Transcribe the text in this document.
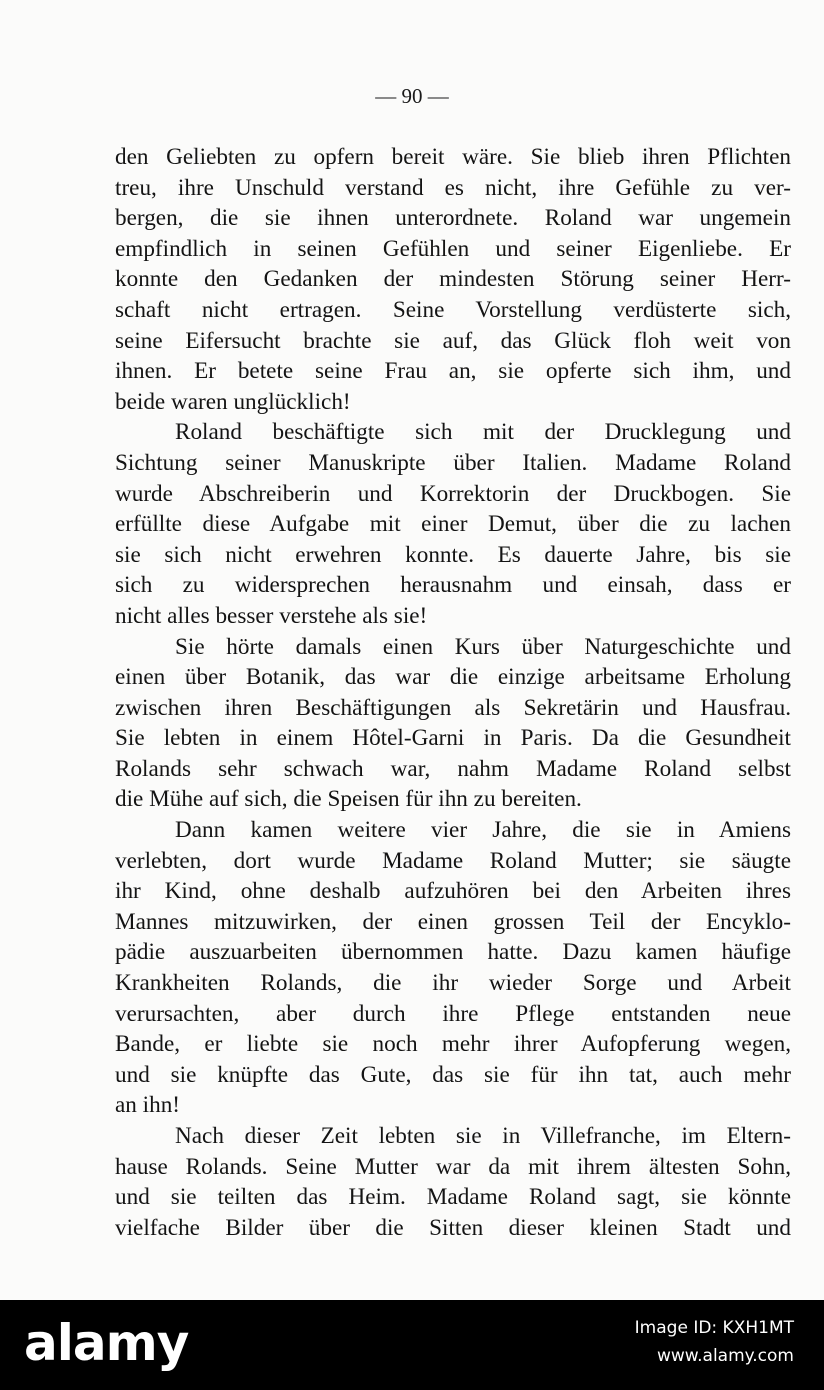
— 90 —
den Geliebten zu opfern bereit wäre. Sie blieb ihren Pflichten
treu, ihre Unschuld verstand es nicht, ihre Gefühle zu ver-
bergen, die sie ihnen unterordnete. Roland war ungemein
empfindlich in seinen Gefühlen und seiner Eigenliebe. Er
konnte den Gedanken der mindesten Störung seiner Herr-
schaft nicht ertragen. Seine Vorstellung verdüsterte sich,
seine Eifersucht brachte sie auf, das Glück floh weit von
ihnen. Er betete seine Frau an, sie opferte sich ihm, und
beide waren unglücklich!
Roland beschäftigte sich mit der Drucklegung und
Sichtung seiner Manuskripte über Italien. Madame Roland
wurde Abschreiberin und Korrektorin der Druckbogen. Sie
erfüllte diese Aufgabe mit einer Demut, über die zu lachen
sie sich nicht erwehren konnte. Es dauerte Jahre, bis sie
sich zu widersprechen herausnahm und einsah, dass er
nicht alles besser verstehe als sie!
Sie hörte damals einen Kurs über Naturgeschichte und
einen über Botanik, das war die einzige arbeitsame Erholung
zwischen ihren Beschäftigungen als Sekretärin und Hausfrau.
Sie lebten in einem Hôtel-Garni in Paris. Da die Gesundheit
Rolands sehr schwach war, nahm Madame Roland selbst
die Mühe auf sich, die Speisen für ihn zu bereiten.
Dann kamen weitere vier Jahre, die sie in Amiens
verlebten, dort wurde Madame Roland Mutter; sie säugte
ihr Kind, ohne deshalb aufzuhören bei den Arbeiten ihres
Mannes mitzuwirken, der einen grossen Teil der Encyklo-
pädie auszuarbeiten übernommen hatte. Dazu kamen häufige
Krankheiten Rolands, die ihr wieder Sorge und Arbeit
verursachten, aber durch ihre Pflege entstanden neue
Bande, er liebte sie noch mehr ihrer Aufopferung wegen,
und sie knüpfte das Gute, das sie für ihn tat, auch mehr
an ihn!
Nach dieser Zeit lebten sie in Villefranche, im Eltern-
hause Rolands. Seine Mutter war da mit ihrem ältesten Sohn,
und sie teilten das Heim. Madame Roland sagt, sie könnte
vielfache Bilder über die Sitten dieser kleinen Stadt und
alamy	Image ID: KXH1MT
www.alamy.com
